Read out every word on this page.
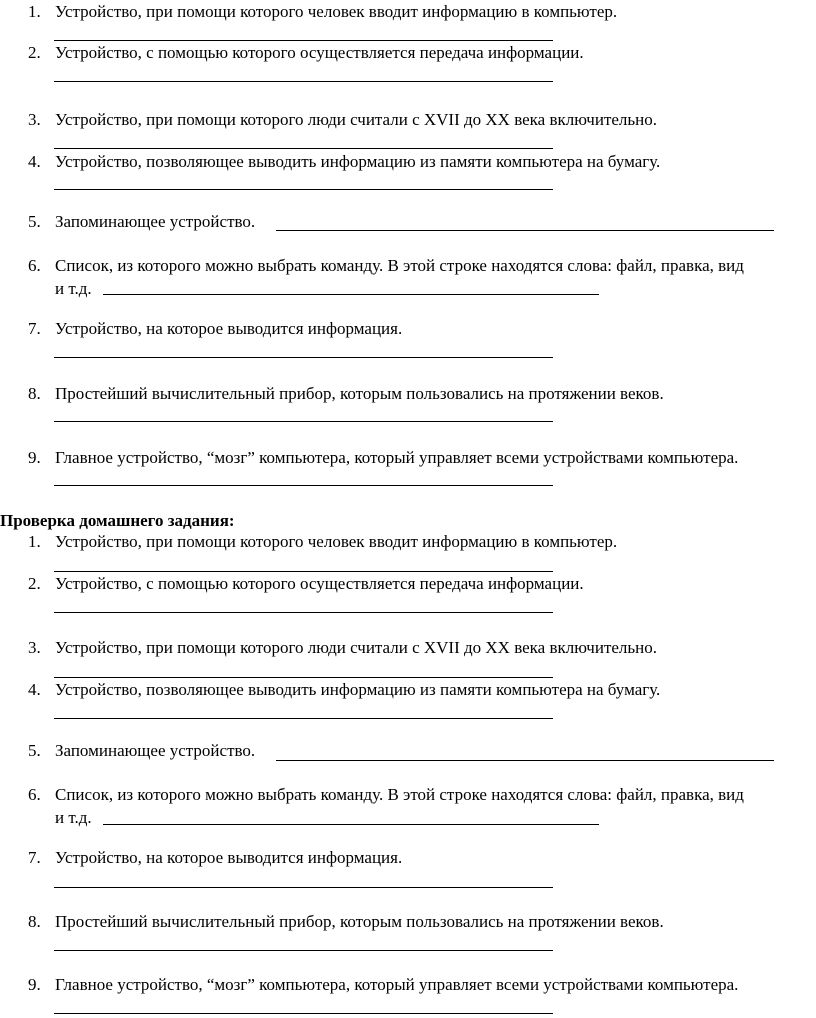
1. Устройство, при помощи которого человек вводит информацию в компьютер.
2. Устройство, с помощью которого осуществляется передача информации.
3. Устройство, при помощи которого люди считали с XVII до XX века включительно.
4. Устройство, позволяющее выводить информацию из памяти компьютера на бумагу.
5. Запоминающее устройство.
6. Список, из которого можно выбрать команду. В этой строке находятся слова: файл, правка, вид
и т.д.
7. Устройство, на которое выводится информация.
8. Простейший вычислительный прибор, которым пользовались на протяжении веков.
9. Главное устройство, “мозг” компьютера, который управляет всеми устройствами компьютера.
Проверка домашнего задания:
1. Устройство, при помощи которого человек вводит информацию в компьютер.
2. Устройство, с помощью которого осуществляется передача информации.
3. Устройство, при помощи которого люди считали с XVII до XX века включительно.
4. Устройство, позволяющее выводить информацию из памяти компьютера на бумагу.
5. Запоминающее устройство.
6. Список, из которого можно выбрать команду. В этой строке находятся слова: файл, правка, вид
и т.д.
7. Устройство, на которое выводится информация.
8. Простейший вычислительный прибор, которым пользовались на протяжении веков.
9. Главное устройство, “мозг” компьютера, который управляет всеми устройствами компьютера.
